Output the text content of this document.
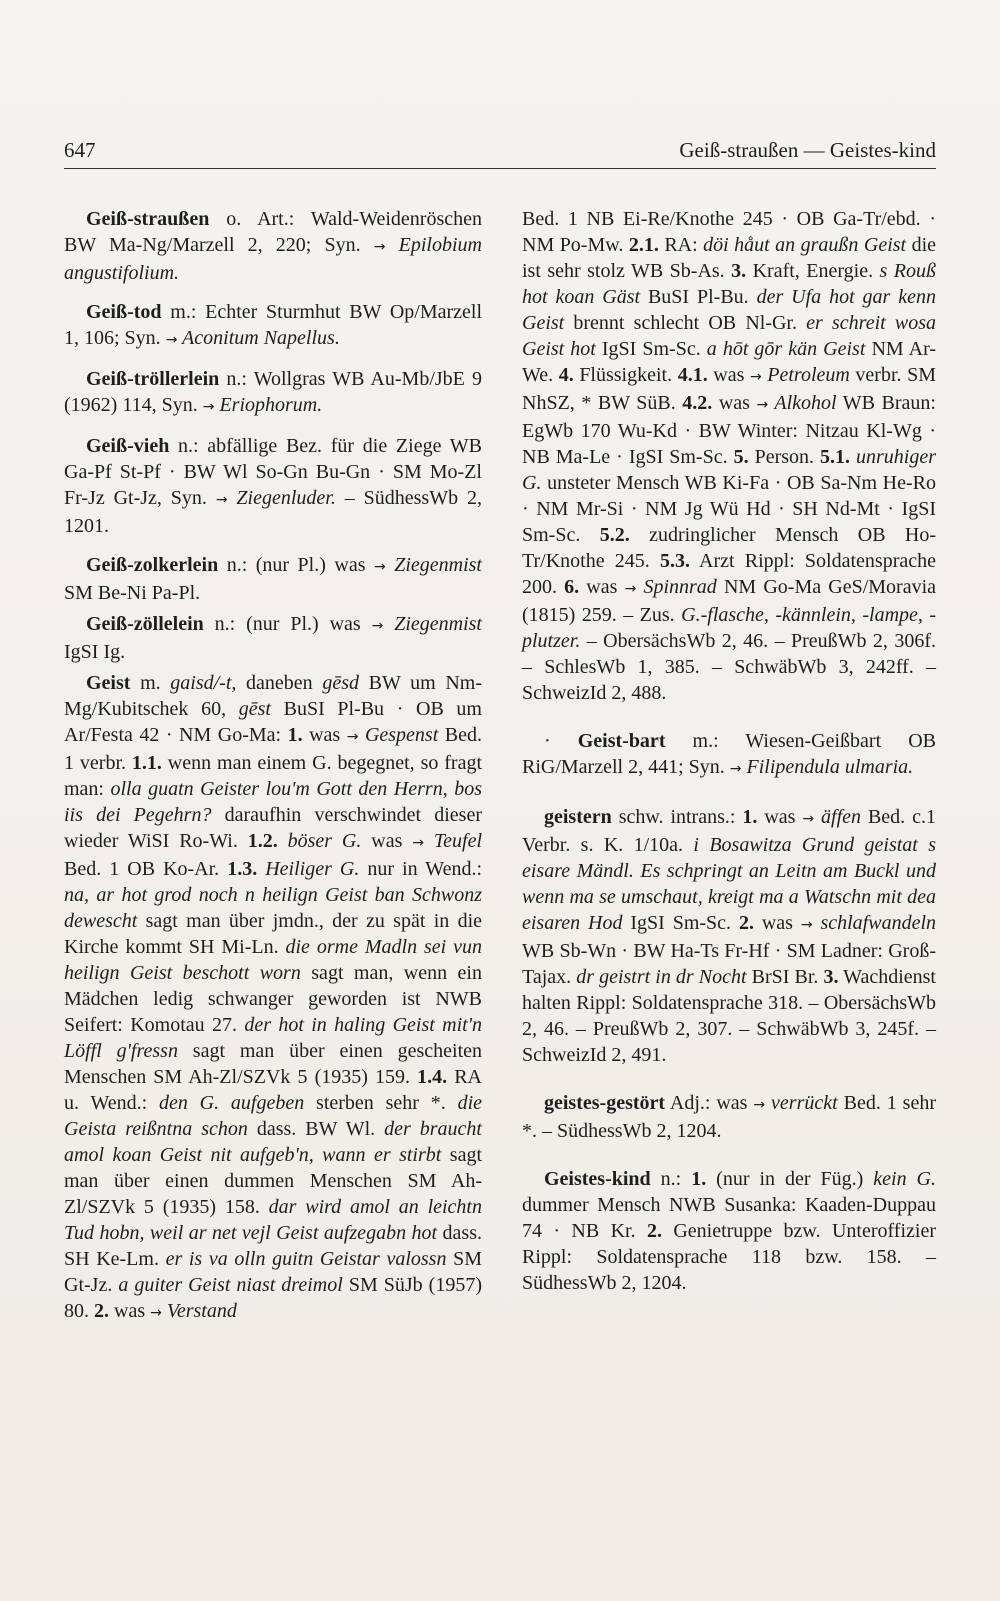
647	Geiß-straußen — Geistes-kind

Geiß-straußen o. Art.: Wald-Weidenröschen BW Ma-Ng/Marzell 2, 220; Syn. → Epilobium angustifolium.

Geiß-tod m.: Echter Sturmhut BW Op/Marzell 1, 106; Syn. → Aconitum Napellus.

Geiß-tröllerlein n.: Wollgras WB Au-Mb/JbE 9 (1962) 114, Syn. → Eriophorum.

Geiß-vieh n.: abfällige Bez. für die Ziege WB Ga-Pf St-Pf · BW Wl So-Gn Bu-Gn · SM Mo-Zl Fr-Jz Gt-Jz, Syn. → Ziegenluder. – SüdhessWb 2, 1201.

Geiß-zolkerlein n.: (nur Pl.) was → Ziegenmist SM Be-Ni Pa-Pl.

Geiß-zöllelein n.: (nur Pl.) was → Ziegenmist IgSI Ig.

Geist m. gaisd/-t, daneben gēsd BW um Nm-Mg/Kubitschek 60, gēst BuSI Pl-Bu · OB um Ar/Festa 42 · NM Go-Ma: 1. was → Gespenst Bed. 1 verbr. 1.1. wenn man einem G. begegnet, so fragt man: olla guatn Geister lou'm Gott den Herrn, bos iis dei Pegehrn? daraufhin verschwindet dieser wieder WiSI Ro-Wi. 1.2. böser G. was → Teufel Bed. 1 OB Ko-Ar. 1.3. Heiliger G. nur in Wend.: na, ar hot grod noch n heilign Geist ban Schwonz dewescht sagt man über jmdn., der zu spät in die Kirche kommt SH Mi-Ln. die orme Madln sei vun heilign Geist beschott worn sagt man, wenn ein Mädchen ledig schwanger geworden ist NWB Seifert: Komotau 27. der hot in haling Geist mit'n Löffl g'fressn sagt man über einen gescheiten Menschen SM Ah-Zl/SZVk 5 (1935) 159. 1.4. RA u. Wend.: den G. aufgeben sterben sehr *. die Geista reißntna schon dass. BW Wl. der braucht amol koan Geist nit aufgeb'n, wann er stirbt sagt man über einen dummen Menschen SM Ah-Zl/SZVk 5 (1935) 158. dar wird amol an leichtn Tud hobn, weil ar net vejl Geist aufzegabn hot dass. SH Ke-Lm. er is va olln guitn Geistar valossn SM Gt-Jz. a guiter Geist niast dreimol SM SüJb (1957) 80. 2. was → Verstand

Bed. 1 NB Ei-Re/Knothe 245 · OB Ga-Tr/ebd. · NM Po-Mw. 2.1. RA: döi håut an graußn Geist die ist sehr stolz WB Sb-As. 3. Kraft, Energie. s Rouß hot koan Gäst BuSI Pl-Bu. der Ufa hot gar kenn Geist brennt schlecht OB Nl-Gr. er schreit wosa Geist hot IgSI Sm-Sc. a hōt gōr kän Geist NM Ar-We. 4. Flüssigkeit. 4.1. was → Petroleum verbr. SM NhSZ, * BW SüB. 4.2. was → Alkohol WB Braun: EgWb 170 Wu-Kd · BW Winter: Nitzau Kl-Wg · NB Ma-Le · IgSI Sm-Sc. 5. Person. 5.1. unruhiger G. unsteter Mensch WB Ki-Fa · OB Sa-Nm He-Ro · NM Mr-Si · NM Jg Wü Hd · SH Nd-Mt · IgSI Sm-Sc. 5.2. zudringlicher Mensch OB Ho-Tr/Knothe 245. 5.3. Arzt Rippl: Soldatensprache 200. 6. was → Spinnrad NM Go-Ma GeS/Moravia (1815) 259. – Zus. G.-flasche, -kännlein, -lampe, -plutzer. – ObersächsWb 2, 46. – PreußWb 2, 306f. – SchlesWb 1, 385. – SchwäbWb 3, 242ff. – SchweizId 2, 488.

· Geist-bart m.: Wiesen-Geißbart OB RiG/Marzell 2, 441; Syn. → Filipendula ulmaria.

geistern schw. intrans.: 1. was → äffen Bed. c.1 Verbr. s. K. 1/10a. i Bosawitza Grund geistat s eisare Mändl. Es schpringt an Leitn am Buckl und wenn ma se umschaut, kreigt ma a Watschn mit dea eisaren Hod IgSI Sm-Sc. 2. was → schlafwandeln WB Sb-Wn · BW Ha-Ts Fr-Hf · SM Ladner: Groß-Tajax. dr geistrt in dr Nocht BrSI Br. 3. Wachdienst halten Rippl: Soldatensprache 318. – ObersächsWb 2, 46. – PreußWb 2, 307. – SchwäbWb 3, 245f. – SchweizId 2, 491.

geistes-gestört Adj.: was → verrückt Bed. 1 sehr *. – SüdhessWb 2, 1204.

Geistes-kind n.: 1. (nur in der Füg.) kein G. dummer Mensch NWB Susanka: Kaaden-Duppau 74 · NB Kr. 2. Genietruppe bzw. Unteroffizier Rippl: Soldatensprache 118 bzw. 158. – SüdhessWb 2, 1204.
